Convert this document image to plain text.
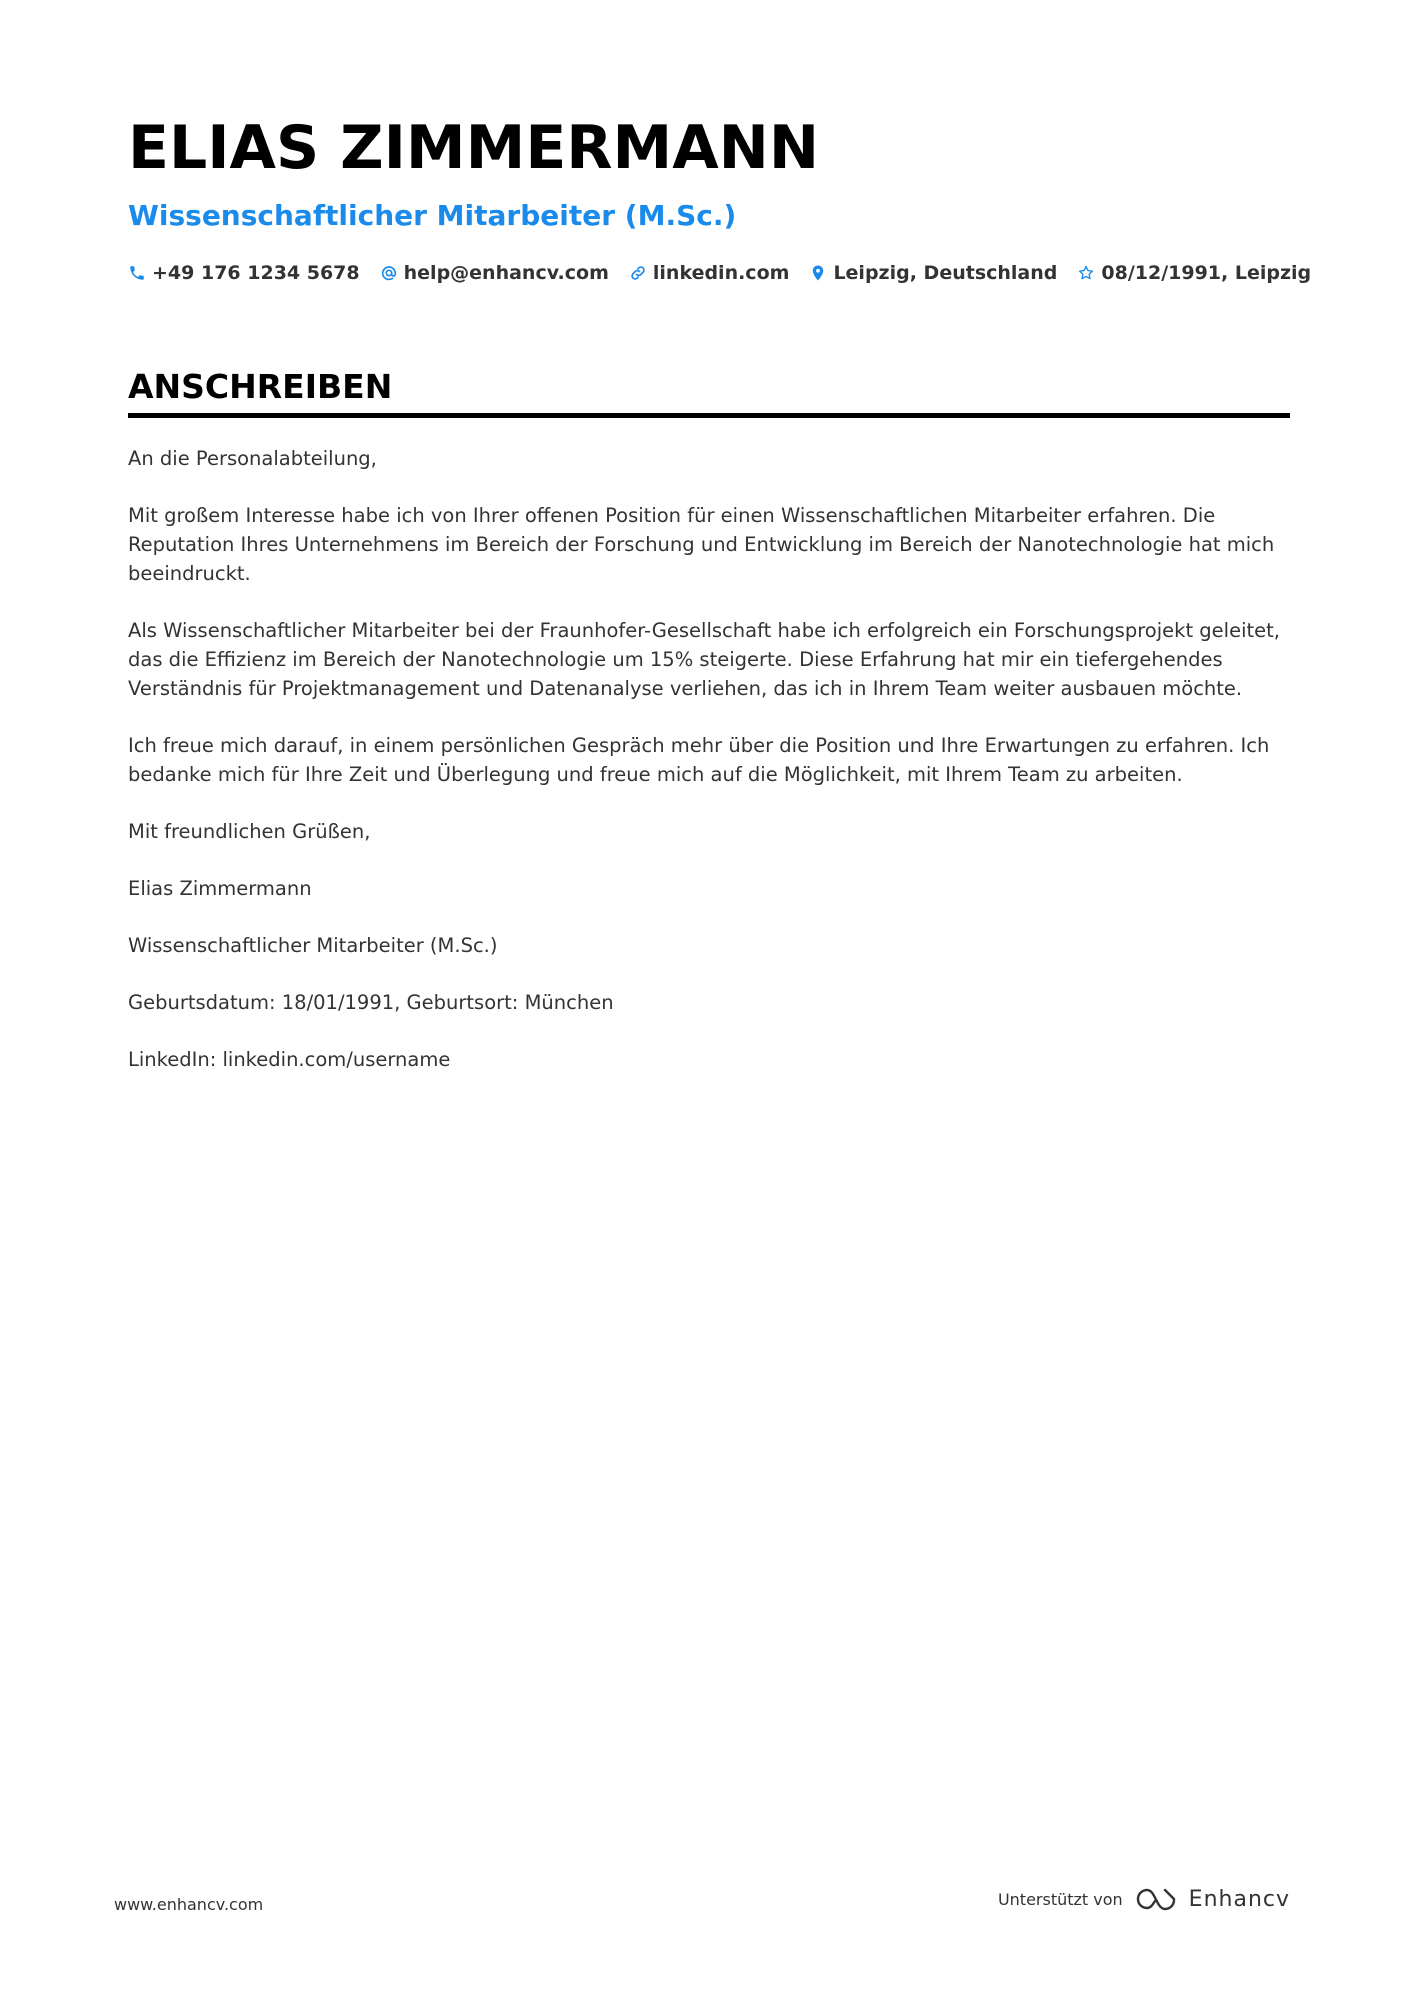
ELIAS ZIMMERMANN
Wissenschaftlicher Mitarbeiter (M.Sc.)
+49 176 1234 5678 help@enhancv.com linkedin.com Leipzig, Deutschland 08/12/1991, Leipzig
ANSCHREIBEN

An die Personalabteilung,

Mit großem Interesse habe ich von Ihrer offenen Position für einen Wissenschaftlichen Mitarbeiter erfahren. Die Reputation Ihres Unternehmens im Bereich der Forschung und Entwicklung im Bereich der Nanotechnologie hat mich beeindruckt.

Als Wissenschaftlicher Mitarbeiter bei der Fraunhofer-Gesellschaft habe ich erfolgreich ein Forschungsprojekt geleitet, das die Effizienz im Bereich der Nanotechnologie um 15% steigerte. Diese Erfahrung hat mir ein tiefergehendes Verständnis für Projektmanagement und Datenanalyse verliehen, das ich in Ihrem Team weiter ausbauen möchte.

Ich freue mich darauf, in einem persönlichen Gespräch mehr über die Position und Ihre Erwartungen zu erfahren. Ich bedanke mich für Ihre Zeit und Überlegung und freue mich auf die Möglichkeit, mit Ihrem Team zu arbeiten.

Mit freundlichen Grüßen,

Elias Zimmermann

Wissenschaftlicher Mitarbeiter (M.Sc.)

Geburtsdatum: 18/01/1991, Geburtsort: München

LinkedIn: linkedin.com/username

www.enhancv.com	Unterstützt von	Enhancv
